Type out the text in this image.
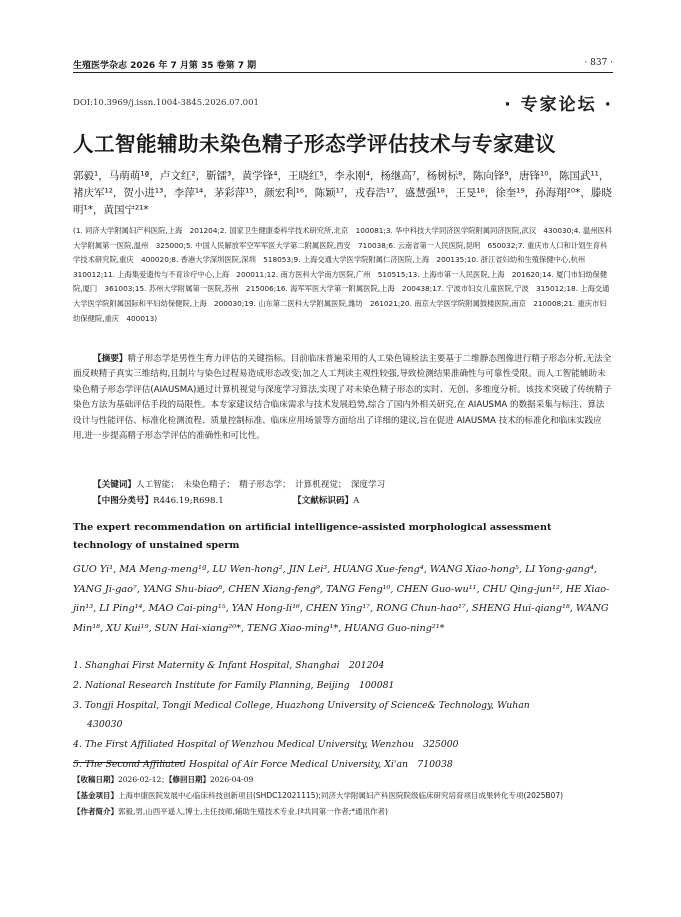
生殖医学杂志 2026 年 7 月第 35 卷第 7 期	· 837 ·
DOI:10.3969/j.issn.1004-3845.2026.07.001	· 专家论坛 ·
人工智能辅助未染色精子形态学评估技术与专家建议
郭毅¹，马萌萌¹ª，卢文红²，靳镭³，黄学锋⁴，王晓红⁵，李永刚⁴，杨继高⁷，杨树标⁸，陈向锋⁹，唐锋¹⁰，陈国武¹¹，褚庆军¹²，贺小进¹³，李萍¹⁴，茅彩萍¹⁵，颜宏利¹⁶，陈颖¹⁷，戎春浩¹⁷，盛慧强¹⁸，王旻¹⁸，徐奎¹⁹，孙海翔²⁰*，滕晓明¹*，黄国宁²¹*
(1. 同济大学附属妇产科医院,上海　201204;2. 国家卫生健康委科学技术研究所,北京　100081;3. 华中科技大学同济医学院附属同济医院,武汉　430030;4. 温州医科大学附属第一医院,温州　325000;5. 中国人民解放军空军军医大学第二附属医院,西安　710038;6. 云南省第一人民医院,昆明　650032;7. 重庆市人口和计划生育科学技术研究院,重庆　400020;8. 香港大学深圳医院,深圳　518053;9. 上海交通大学医学院附属仁济医院,上海　200135;10. 浙江省妇幼和生殖保健中心,杭州　310012;11. 上海集爱遗传与不育诊疗中心,上海　200011;12. 南方医科大学南方医院,广州　510515;13. 上海市第一人民医院,上海　201620;14. 厦门市妇幼保健院,厦门　361003;15. 苏州大学附属第一医院,苏州　215006;16. 海军军医大学第一附属医院,上海　200438;17. 宁波市妇女儿童医院,宁波　315012;18. 上海交通大学医学院附属国际和平妇幼保健院,上海　200030;19. 山东第二医科大学附属医院,潍坊　261021;20. 南京大学医学院附属鼓楼医院,南京　210008;21. 重庆市妇幼保健院,重庆　400013)
【摘要】精子形态学是男性生育力评估的关键指标。目前临床普遍采用的人工染色镜检法主要基于二维静态图像进行精子形态分析,无法全面反映精子真实三维结构,且制片与染色过程易造成形态改变;加之人工判读主观性较强,导致检测结果准确性与可靠性受限。而人工智能辅助未染色精子形态学评估(AIAUSMA)通过计算机视觉与深度学习算法,实现了对未染色精子形态的实时、无创、多维度分析。该技术突破了传统精子染色方法为基础评估手段的局限性。本专家建议结合临床需求与技术发展趋势,综合了国内外相关研究,在 AIAUSMA 的数据采集与标注、算法设计与性能评估、标准化检测流程、质量控制标准、临床应用场景等方面给出了详细的建议,旨在促进 AIAUSMA 技术的标准化和临床实践应用,进一步提高精子形态学评估的准确性和可比性。
【关键词】人工智能；　未染色精子；　精子形态学；　计算机视觉；　深度学习
【中图分类号】R446.19;R698.1	【文献标识码】A
The expert recommendation on artificial intelligence-assisted morphological assessment technology of unstained sperm
GUO Yi¹, MA Meng-meng¹ª, LU Wen-hong², JIN Lei³, HUANG Xue-feng⁴, WANG Xiao-hong⁵, LI Yong-gang⁴, YANG Ji-gao⁷, YANG Shu-biao⁸, CHEN Xiang-feng⁹, TANG Feng¹⁰, CHEN Guo-wu¹¹, CHU Qing-jun¹², HE Xiao-jin¹³, LI Ping¹⁴, MAO Cai-ping¹⁵, YAN Hong-li¹⁶, CHEN Ying¹⁷, RONG Chun-hao¹⁷, SHENG Hui-qiang¹⁸, WANG Min¹⁸, XU Kui¹⁹, SUN Hai-xiang²⁰*, TENG Xiao-ming¹*, HUANG Guo-ning²¹*
1. Shanghai First Maternity & Infant Hospital, Shanghai　201204
2. National Research Institute for Family Planning, Beijing　100081
3. Tongji Hospital, Tongji Medical College, Huazhong University of Science& Technology, Wuhan
430030
4. The First Affiliated Hospital of Wenzhou Medical University, Wenzhou　325000
5. The Second Affiliated Hospital of Air Force Medical University, Xi'an　710038
【收稿日期】2026-02-12；【修回日期】2026-04-09
【基金项目】上海申康医院发展中心临床科技创新项目(SHDC12021115);同济大学附属妇产科医院院级临床研究培育项目成果转化专项(2025B07)
【作者简介】郭毅,男,山西平遥人,博士,主任技师,辅助生殖技术专业.(ª共同第一作者;*通讯作者)
